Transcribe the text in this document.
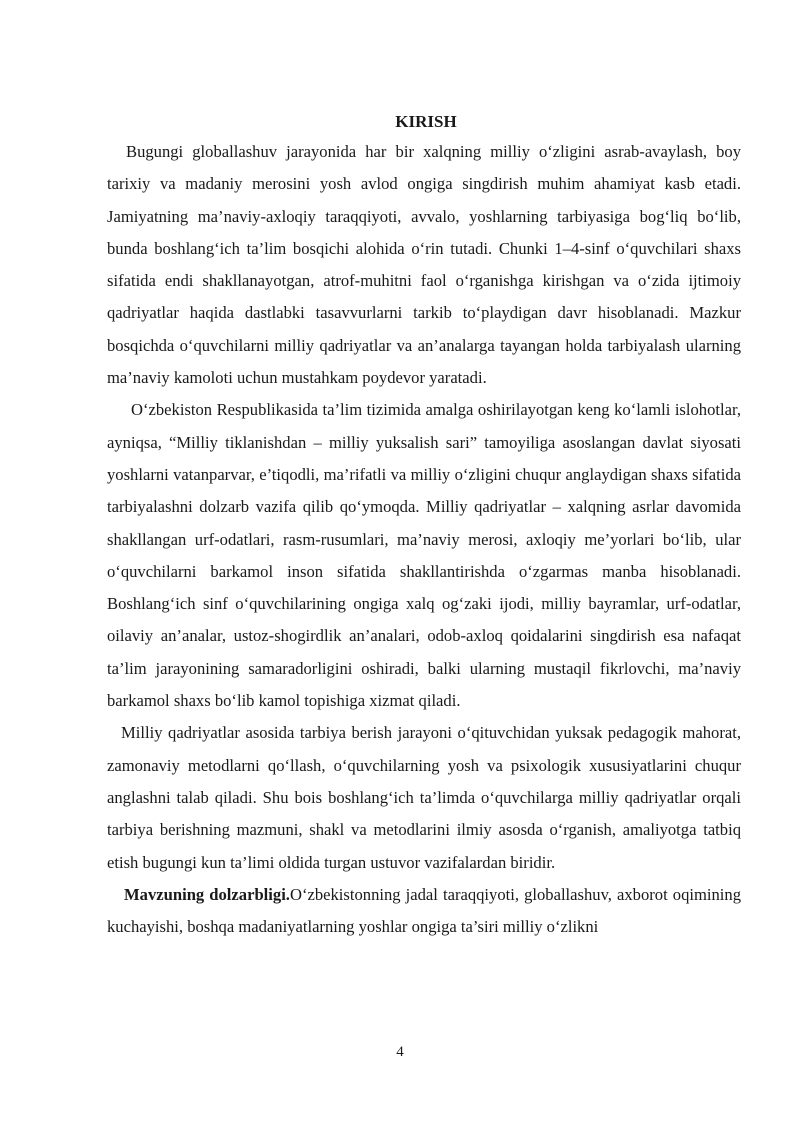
KIRISH

Bugungi globallashuv jarayonida har bir xalqning milliy o‘zligini asrab-avaylash, boy tarixiy va madaniy merosini yosh avlod ongiga singdirish muhim ahamiyat kasb etadi. Jamiyatning ma’naviy-axloqiy taraqqiyoti, avvalo, yoshlarning tarbiyasiga bog‘liq bo‘lib, bunda boshlang‘ich ta’lim bosqichi alohida o‘rin tutadi. Chunki 1–4-sinf o‘quvchilari shaxs sifatida endi shakllanayotgan, atrof-muhitni faol o‘rganishga kirishgan va o‘zida ijtimoiy qadriyatlar haqida dastlabki tasavvurlarni tarkib to‘playdigan davr hisoblanadi. Mazkur bosqichda o‘quvchilarni milliy qadriyatlar va an’analarga tayangan holda tarbiyalash ularning ma’naviy kamoloti uchun mustahkam poydevor yaratadi.

O‘zbekiston Respublikasida ta’lim tizimida amalga oshirilayotgan keng ko‘lamli islohotlar, ayniqsa, “Milliy tiklanishdan – milliy yuksalish sari” tamoyiliga asoslangan davlat siyosati yoshlarni vatanparvar, e’tiqodli, ma’rifatli va milliy o‘zligini chuqur anglaydigan shaxs sifatida tarbiyalashni dolzarb vazifa qilib qo‘ymoqda. Milliy qadriyatlar – xalqning asrlar davomida shakllangan urf-odatlari, rasm-rusumlari, ma’naviy merosi, axloqiy me’yorlari bo‘lib, ular o‘quvchilarni barkamol inson sifatida shakllantirishda o‘zgarmas manba hisoblanadi. Boshlang‘ich sinf o‘quvchilarining ongiga xalq og‘zaki ijodi, milliy bayramlar, urf-odatlar, oilaviy an’analar, ustoz-shogirdlik an’analari, odob-axloq qoidalarini singdirish esa nafaqat ta’lim jarayonining samaradorligini oshiradi, balki ularning mustaqil fikrlovchi, ma’naviy barkamol shaxs bo‘lib kamol topishiga xizmat qiladi.

Milliy qadriyatlar asosida tarbiya berish jarayoni o‘qituvchidan yuksak pedagogik mahorat, zamonaviy metodlarni qo‘llash, o‘quvchilarning yosh va psixologik xususiyatlarini chuqur anglashni talab qiladi. Shu bois boshlang‘ich ta’limda o‘quvchilarga milliy qadriyatlar orqali tarbiya berishning mazmuni, shakl va metodlarini ilmiy asosda o‘rganish, amaliyotga tatbiq etish bugungi kun ta’limi oldida turgan ustuvor vazifalardan biridir.

Mavzuning dolzarbligi.O‘zbekistonning jadal taraqqiyoti, globallashuv, axborot oqimining kuchayishi, boshqa madaniyatlarning yoshlar ongiga ta’siri milliy o‘zlikni

4
